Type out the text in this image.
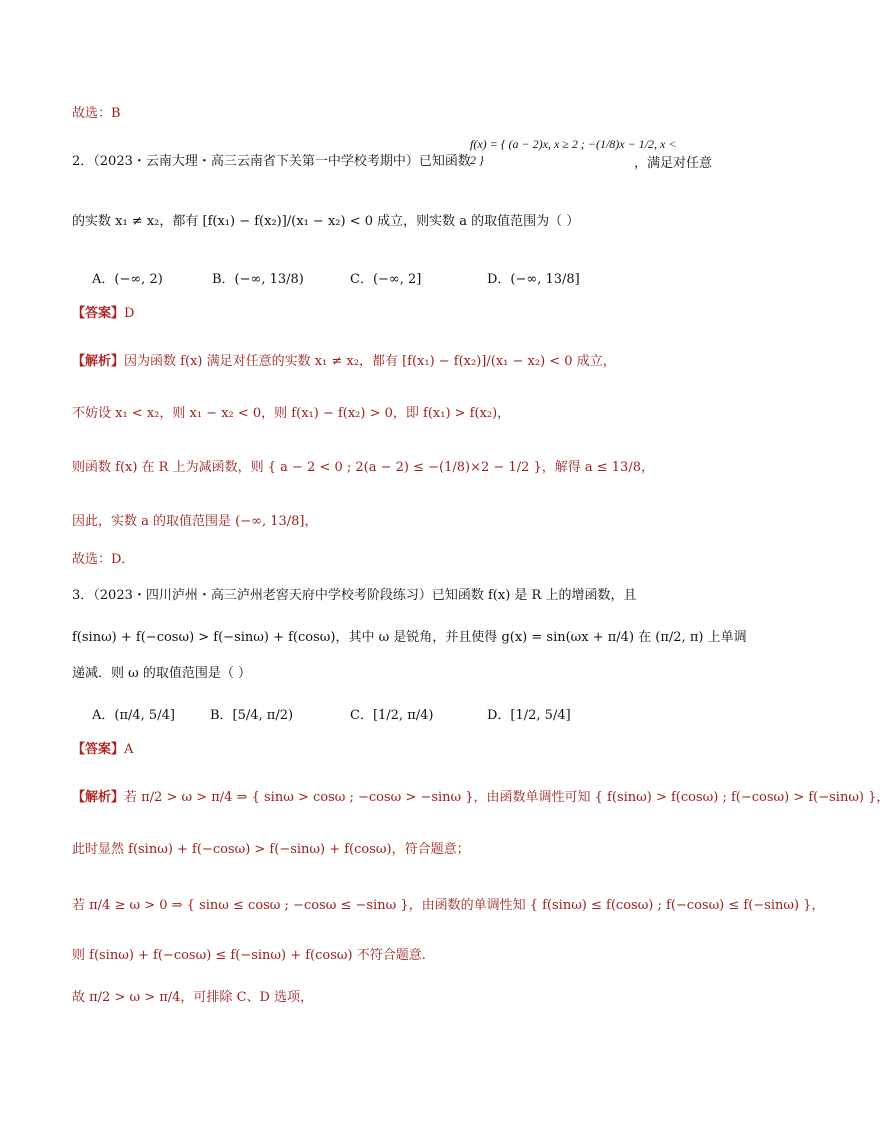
故选：B
2．（2023・云南大理・高三云南省下关第一中学校考期中）已知函数
f(x) = { (a − 2)x, x ≥ 2 ; −(1/8)x − 1/2, x < 2 }	，满足对任意
的实数 x₁ ≠ x₂，都有 [f(x₁) − f(x₂)]/(x₁ − x₂) < 0 成立，则实数 a 的取值范围为（ ）
A．(−∞, 2)	B．(−∞, 13/8)	C．(−∞, 2]	D．(−∞, 13/8]
【答案】D
【解析】因为函数 f(x) 满足对任意的实数 x₁ ≠ x₂，都有 [f(x₁) − f(x₂)]/(x₁ − x₂) < 0 成立，
不妨设 x₁ < x₂，则 x₁ − x₂ < 0，则 f(x₁) − f(x₂) > 0，即 f(x₁) > f(x₂)，
则函数 f(x) 在 R 上为减函数，则 { a − 2 < 0 ; 2(a − 2) ≤ −(1/8)×2 − 1/2 }，解得 a ≤ 13/8，
因此，实数 a 的取值范围是 (−∞, 13/8]，
故选：D．
3．（2023・四川泸州・高三泸州老窖天府中学校考阶段练习）已知函数 f(x) 是 R 上的增函数，且
f(sinω) + f(−cosω) > f(−sinω) + f(cosω)，其中 ω 是锐角，并且使得 g(x) = sin(ωx + π/4) 在 (π/2, π) 上单调
递减．则 ω 的取值范围是（ ）
A．(π/4, 5/4]	B．[5/4, π/2)	C．[1/2, π/4)	D．[1/2, 5/4]
【答案】A
【解析】若 π/2 > ω > π/4 ⇒ { sinω > cosω ; −cosω > −sinω }，由函数单调性可知 { f(sinω) > f(cosω) ; f(−cosω) > f(−sinω) }，
此时显然 f(sinω) + f(−cosω) > f(−sinω) + f(cosω)，符合题意；
若 π/4 ≥ ω > 0 ⇒ { sinω ≤ cosω ; −cosω ≤ −sinω }，由函数的单调性知 { f(sinω) ≤ f(cosω) ; f(−cosω) ≤ f(−sinω) }，
则 f(sinω) + f(−cosω) ≤ f(−sinω) + f(cosω) 不符合题意.
故 π/2 > ω > π/4，可排除 C、D 选项，
